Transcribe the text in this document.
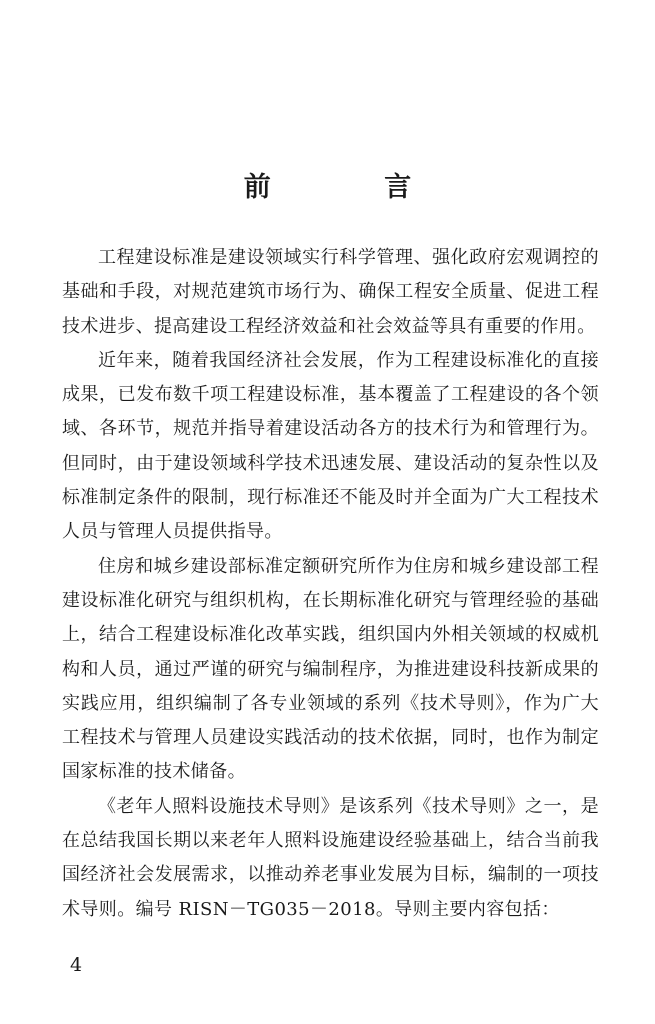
前 言

工程建设标准是建设领域实行科学管理、强化政府宏观调控的基础和手段，对规范建筑市场行为、确保工程安全质量、促进工程技术进步、提高建设工程经济效益和社会效益等具有重要的作用。

近年来，随着我国经济社会发展，作为工程建设标准化的直接成果，已发布数千项工程建设标准，基本覆盖了工程建设的各个领域、各环节，规范并指导着建设活动各方的技术行为和管理行为。但同时，由于建设领域科学技术迅速发展、建设活动的复杂性以及标准制定条件的限制，现行标准还不能及时并全面为广大工程技术人员与管理人员提供指导。

住房和城乡建设部标准定额研究所作为住房和城乡建设部工程建设标准化研究与组织机构，在长期标准化研究与管理经验的基础上，结合工程建设标准化改革实践，组织国内外相关领域的权威机构和人员，通过严谨的研究与编制程序，为推进建设科技新成果的实践应用，组织编制了各专业领域的系列《技术导则》，作为广大工程技术与管理人员建设实践活动的技术依据，同时，也作为制定国家标准的技术储备。

《老年人照料设施技术导则》是该系列《技术导则》之一，是在总结我国长期以来老年人照料设施建设经验基础上，结合当前我国经济社会发展需求，以推动养老事业发展为目标，编制的一项技术导则。编号 RISN－TG035－2018。导则主要内容包括：

4
